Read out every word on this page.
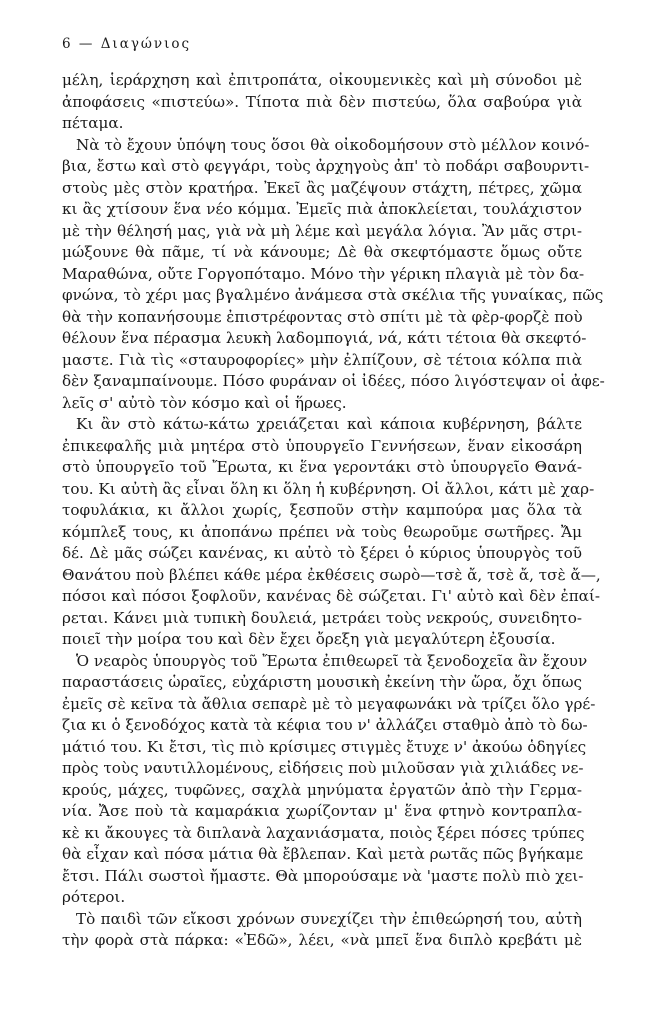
6 — Διαγώνιος
μέλη, ἱεράρχηση καὶ ἐπιτροπάτα, οἰκουμενικὲς καὶ μὴ σύνοδοι μὲ
ἀποφάσεις «πιστεύω». Τίποτα πιὰ δὲν πιστεύω, ὅλα σαβούρα γιὰ
πέταμα.
Νὰ τὸ ἔχουν ὑπόψη τους ὅσοι θὰ οἰκοδομήσουν στὸ μέλλον κοινό-
βια, ἔστω καὶ στὸ φεγγάρι, τοὺς ἀρχηγοὺς ἀπ' τὸ ποδάρι σαβουρντι-
στοὺς μὲς στὸν κρατήρα. Ἐκεῖ ἂς μαζέψουν στάχτη, πέτρες, χῶμα
κι ἂς χτίσουν ἕνα νέο κόμμα. Ἐμεῖς πιὰ ἀποκλείεται, τουλάχιστον
μὲ τὴν θέλησή μας, γιὰ νὰ μὴ λέμε καὶ μεγάλα λόγια. Ἂν μᾶς στρι-
μώξουνε θὰ πᾶμε, τί νὰ κάνουμε; Δὲ θὰ σκεφτόμαστε ὅμως οὔτε
Μαραθώνα, οὔτε Γοργοπόταμο. Μόνο τὴν γέρικη πλαγιὰ μὲ τὸν δα-
φνώνα, τὸ χέρι μας βγαλμένο ἀνάμεσα στὰ σκέλια τῆς γυναίκας, πῶς
θὰ τὴν κοπανήσουμε ἐπιστρέφοντας στὸ σπίτι μὲ τὰ φὲρ-φορζὲ ποὺ
θέλουν ἕνα πέρασμα λευκὴ λαδομπογιά, νά, κάτι τέτοια θὰ σκεφτό-
μαστε. Γιὰ τὶς «σταυροφορίες» μὴν ἐλπίζουν, σὲ τέτοια κόλπα πιὰ
δὲν ξαναμπαίνουμε. Πόσο φυράναν οἱ ἰδέες, πόσο λιγόστεψαν οἱ ἀφε-
λεῖς σ' αὐτὸ τὸν κόσμο καὶ οἱ ἥρωες.
Κι ἂν στὸ κάτω-κάτω χρειάζεται καὶ κάποια κυβέρνηση, βάλτε
ἐπικεφαλῆς μιὰ μητέρα στὸ ὑπουργεῖο Γεννήσεων, ἕναν εἰκοσάρη
στὸ ὑπουργεῖο τοῦ Ἔρωτα, κι ἕνα γεροντάκι στὸ ὑπουργεῖο Θανά-
του. Κι αὐτὴ ἂς εἶναι ὅλη κι ὅλη ἡ κυβέρνηση. Οἱ ἄλλοι, κάτι μὲ χαρ-
τοφυλάκια, κι ἄλλοι χωρίς, ξεσποῦν στὴν καμπούρα μας ὅλα τὰ
κόμπλεξ τους, κι ἀποπάνω πρέπει νὰ τοὺς θεωροῦμε σωτῆρες. Ἄμ
δέ. Δὲ μᾶς σώζει κανένας, κι αὐτὸ τὸ ξέρει ὁ κύριος ὑπουργὸς τοῦ
Θανάτου ποὺ βλέπει κάθε μέρα ἐκθέσεις σωρὸ—τσὲ ἄ, τσὲ ἄ, τσὲ ἄ—,
πόσοι καὶ πόσοι ξοφλοῦν, κανένας δὲ σώζεται. Γι' αὐτὸ καὶ δὲν ἐπαί-
ρεται. Κάνει μιὰ τυπικὴ δουλειά, μετράει τοὺς νεκρούς, συνειδητο-
ποιεῖ τὴν μοίρα του καὶ δὲν ἔχει ὄρεξη γιὰ μεγαλύτερη ἐξουσία.
Ὁ νεαρὸς ὑπουργὸς τοῦ Ἔρωτα ἐπιθεωρεῖ τὰ ξενοδοχεῖα ἂν ἔχουν
παραστάσεις ὡραῖες, εὐχάριστη μουσικὴ ἐκείνη τὴν ὥρα, ὄχι ὅπως
ἐμεῖς σὲ κεῖνα τὰ ἄθλια σεπαρὲ μὲ τὸ μεγαφωνάκι νὰ τρίζει ὅλο γρέ-
ζια κι ὁ ξενοδόχος κατὰ τὰ κέφια του ν' ἀλλάζει σταθμὸ ἀπὸ τὸ δω-
μάτιό του. Κι ἔτσι, τὶς πιὸ κρίσιμες στιγμὲς ἔτυχε ν' ἀκούω ὁδηγίες
πρὸς τοὺς ναυτιλλομένους, εἰδήσεις ποὺ μιλοῦσαν γιὰ χιλιάδες νε-
κρούς, μάχες, τυφῶνες, σαχλὰ μηνύματα ἐργατῶν ἀπὸ τὴν Γερμα-
νία. Ἄσε ποὺ τὰ καμαράκια χωρίζονταν μ' ἕνα φτηνὸ κοντραπλα-
κὲ κι ἄκουγες τὰ διπλανὰ λαχανιάσματα, ποιὸς ξέρει πόσες τρύπες
θὰ εἶχαν καὶ πόσα μάτια θὰ ἔβλεπαν. Καὶ μετὰ ρωτᾶς πῶς βγήκαμε
ἔτσι. Πάλι σωστοὶ ἤμαστε. Θὰ μπορούσαμε νὰ 'μαστε πολὺ πιὸ χει-
ρότεροι.
Τὸ παιδὶ τῶν εἴκοσι χρόνων συνεχίζει τὴν ἐπιθεώρησή του, αὐτὴ
τὴν φορὰ στὰ πάρκα: «Ἐδῶ», λέει, «νὰ μπεῖ ἕνα διπλὸ κρεβάτι μὲ
